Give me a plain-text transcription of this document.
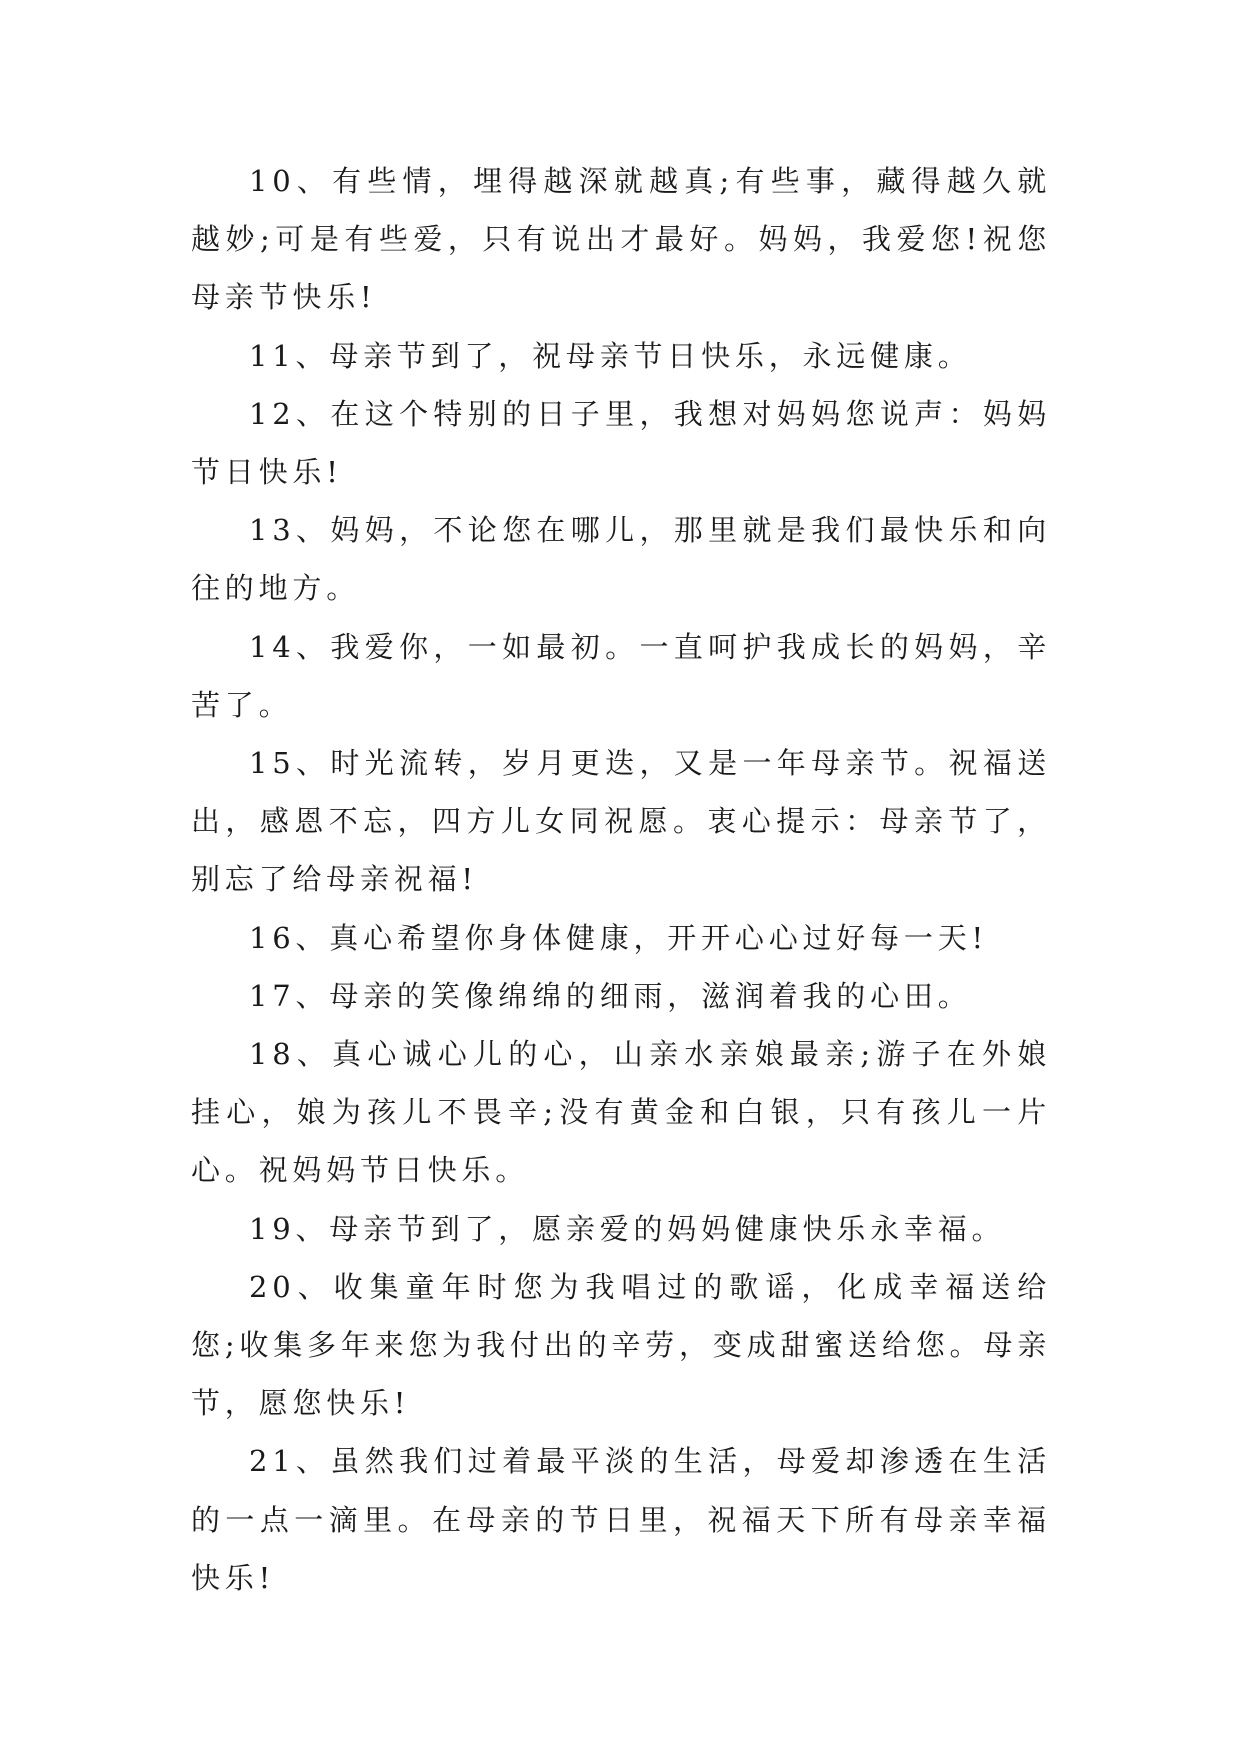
10、有些情，埋得越深就越真;有些事，藏得越久就越妙;可是有些爱，只有说出才最好。妈妈，我爱您!祝您母亲节快乐!

11、母亲节到了，祝母亲节日快乐，永远健康。

12、在这个特别的日子里，我想对妈妈您说声：妈妈节日快乐!

13、妈妈，不论您在哪儿，那里就是我们最快乐和向往的地方。

14、我爱你，一如最初。一直呵护我成长的妈妈，辛苦了。

15、时光流转，岁月更迭，又是一年母亲节。祝福送出，感恩不忘，四方儿女同祝愿。衷心提示：母亲节了，别忘了给母亲祝福!

16、真心希望你身体健康，开开心心过好每一天!

17、母亲的笑像绵绵的细雨，滋润着我的心田。

18、真心诚心儿的心，山亲水亲娘最亲;游子在外娘挂心，娘为孩儿不畏辛;没有黄金和白银，只有孩儿一片心。祝妈妈节日快乐。

19、母亲节到了，愿亲爱的妈妈健康快乐永幸福。

20、收集童年时您为我唱过的歌谣，化成幸福送给您;收集多年来您为我付出的辛劳，变成甜蜜送给您。母亲节，愿您快乐!

21、虽然我们过着最平淡的生活，母爱却渗透在生活的一点一滴里。在母亲的节日里，祝福天下所有母亲幸福快乐!
